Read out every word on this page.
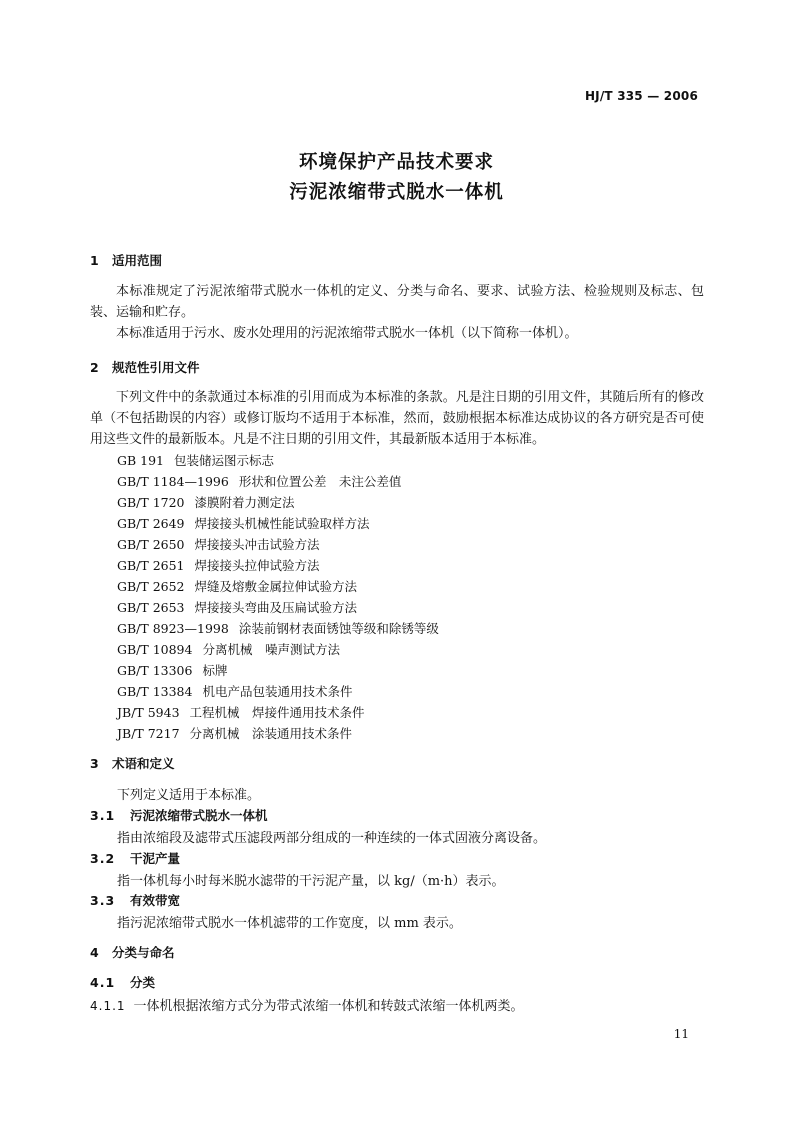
HJ/T 335 — 2006
环境保护产品技术要求
污泥浓缩带式脱水一体机
1 适用范围

本标准规定了污泥浓缩带式脱水一体机的定义、分类与命名、要求、试验方法、检验规则及标志、包装、运输和贮存。

本标准适用于污水、废水处理用的污泥浓缩带式脱水一体机（以下简称一体机）。

2 规范性引用文件

下列文件中的条款通过本标准的引用而成为本标准的条款。凡是注日期的引用文件，其随后所有的修改单（不包括勘误的内容）或修订版均不适用于本标准，然而，鼓励根据本标准达成协议的各方研究是否可使用这些文件的最新版本。凡是不注日期的引用文件，其最新版本适用于本标准。

GB 191 包装储运图示标志
GB/T 1184—1996 形状和位置公差　未注公差值
GB/T 1720 漆膜附着力测定法
GB/T 2649 焊接接头机械性能试验取样方法
GB/T 2650 焊接接头冲击试验方法
GB/T 2651 焊接接头拉伸试验方法
GB/T 2652 焊缝及熔敷金属拉伸试验方法
GB/T 2653 焊接接头弯曲及压扁试验方法
GB/T 8923—1998 涂装前钢材表面锈蚀等级和除锈等级
GB/T 10894 分离机械　噪声测试方法
GB/T 13306 标牌
GB/T 13384 机电产品包装通用技术条件
JB/T 5943 工程机械　焊接件通用技术条件
JB/T 7217 分离机械　涂装通用技术条件
3 术语和定义
下列定义适用于本标准。
3.1 污泥浓缩带式脱水一体机
指由浓缩段及滤带式压滤段两部分组成的一种连续的一体式固液分离设备。
3.2 干泥产量
指一体机每小时每米脱水滤带的干污泥产量，以 kg/（m·h）表示。
3.3 有效带宽
指污泥浓缩带式脱水一体机滤带的工作宽度，以 mm 表示。
4 分类与命名
4.1 分类
4.1.1 一体机根据浓缩方式分为带式浓缩一体机和转鼓式浓缩一体机两类。
11
